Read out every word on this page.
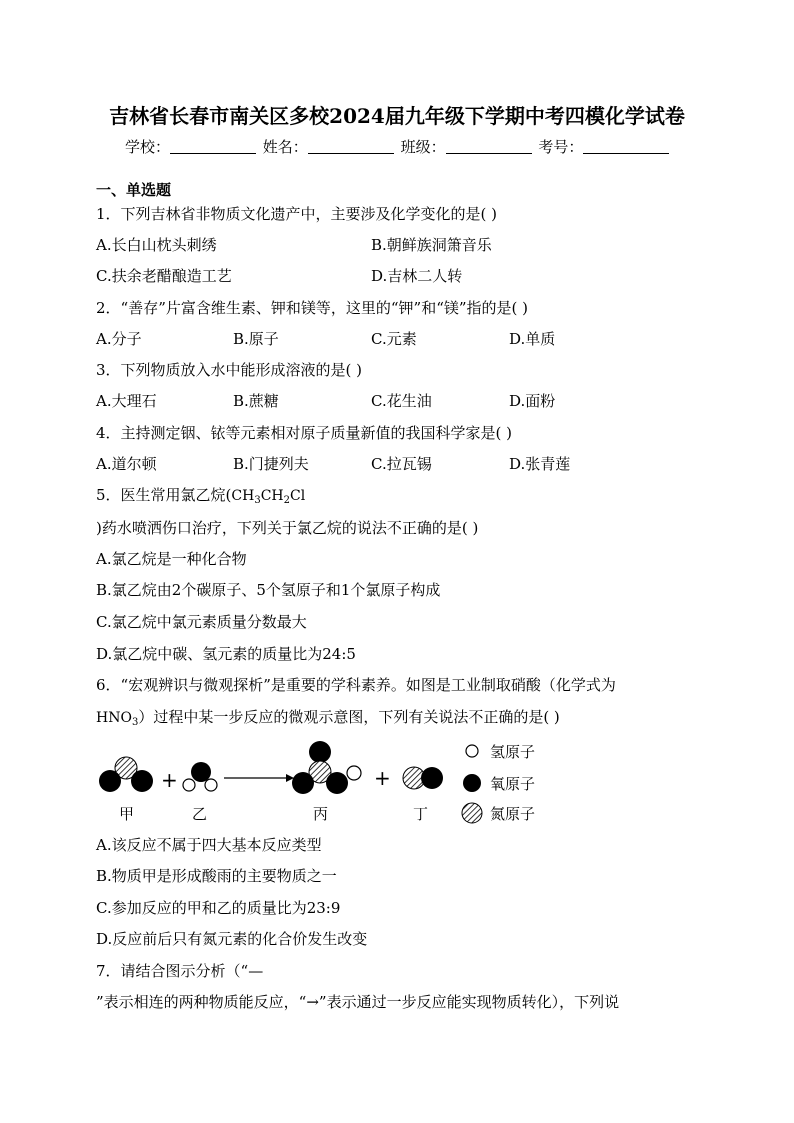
吉林省长春市南关区多校2024届九年级下学期中考四模化学试卷
学校：	姓名：	班级：	考号：
一、单选题
1．下列吉林省非物质文化遗产中，主要涉及化学变化的是( )
A.长白山枕头刺绣	B.朝鲜族洞箫音乐
C.扶余老醋酿造工艺	D.吉林二人转
2．“善存”片富含维生素、钾和镁等，这里的“钾”和“镁”指的是( )
A.分子	B.原子	C.元素	D.单质
3．下列物质放入水中能形成溶液的是( )
A.大理石	B.蔗糖	C.花生油	D.面粉
4．主持测定铟、铱等元素相对原子质量新值的我国科学家是( )
A.道尔顿	B.门捷列夫	C.拉瓦锡	D.张青莲
5．医生常用氯乙烷($CH_3CH_2Cl$
)药水喷洒伤口治疗，下列关于氯乙烷的说法不正确的是( )
A.氯乙烷是一种化合物
B.氯乙烷由2个碳原子、5个氢原子和1个氯原子构成
C.氯乙烷中氯元素质量分数最大
D.氯乙烷中碳、氢元素的质量比为24:5
6．“宏观辨识与微观探析”是重要的学科素养。如图是工业制取硝酸（化学式为
$HNO_3$）过程中某一步反应的微观示意图，下列有关说法不正确的是( )
+	+
甲	乙	丙	丁
氢原子
氧原子
氮原子
A.该反应不属于四大基本反应类型
B.物质甲是形成酸雨的主要物质之一
C.参加反应的甲和乙的质量比为23:9
D.反应前后只有氮元素的化合价发生改变
7．请结合图示分析（“—
”表示相连的两种物质能反应，“→”表示通过一步反应能实现物质转化），下列说
